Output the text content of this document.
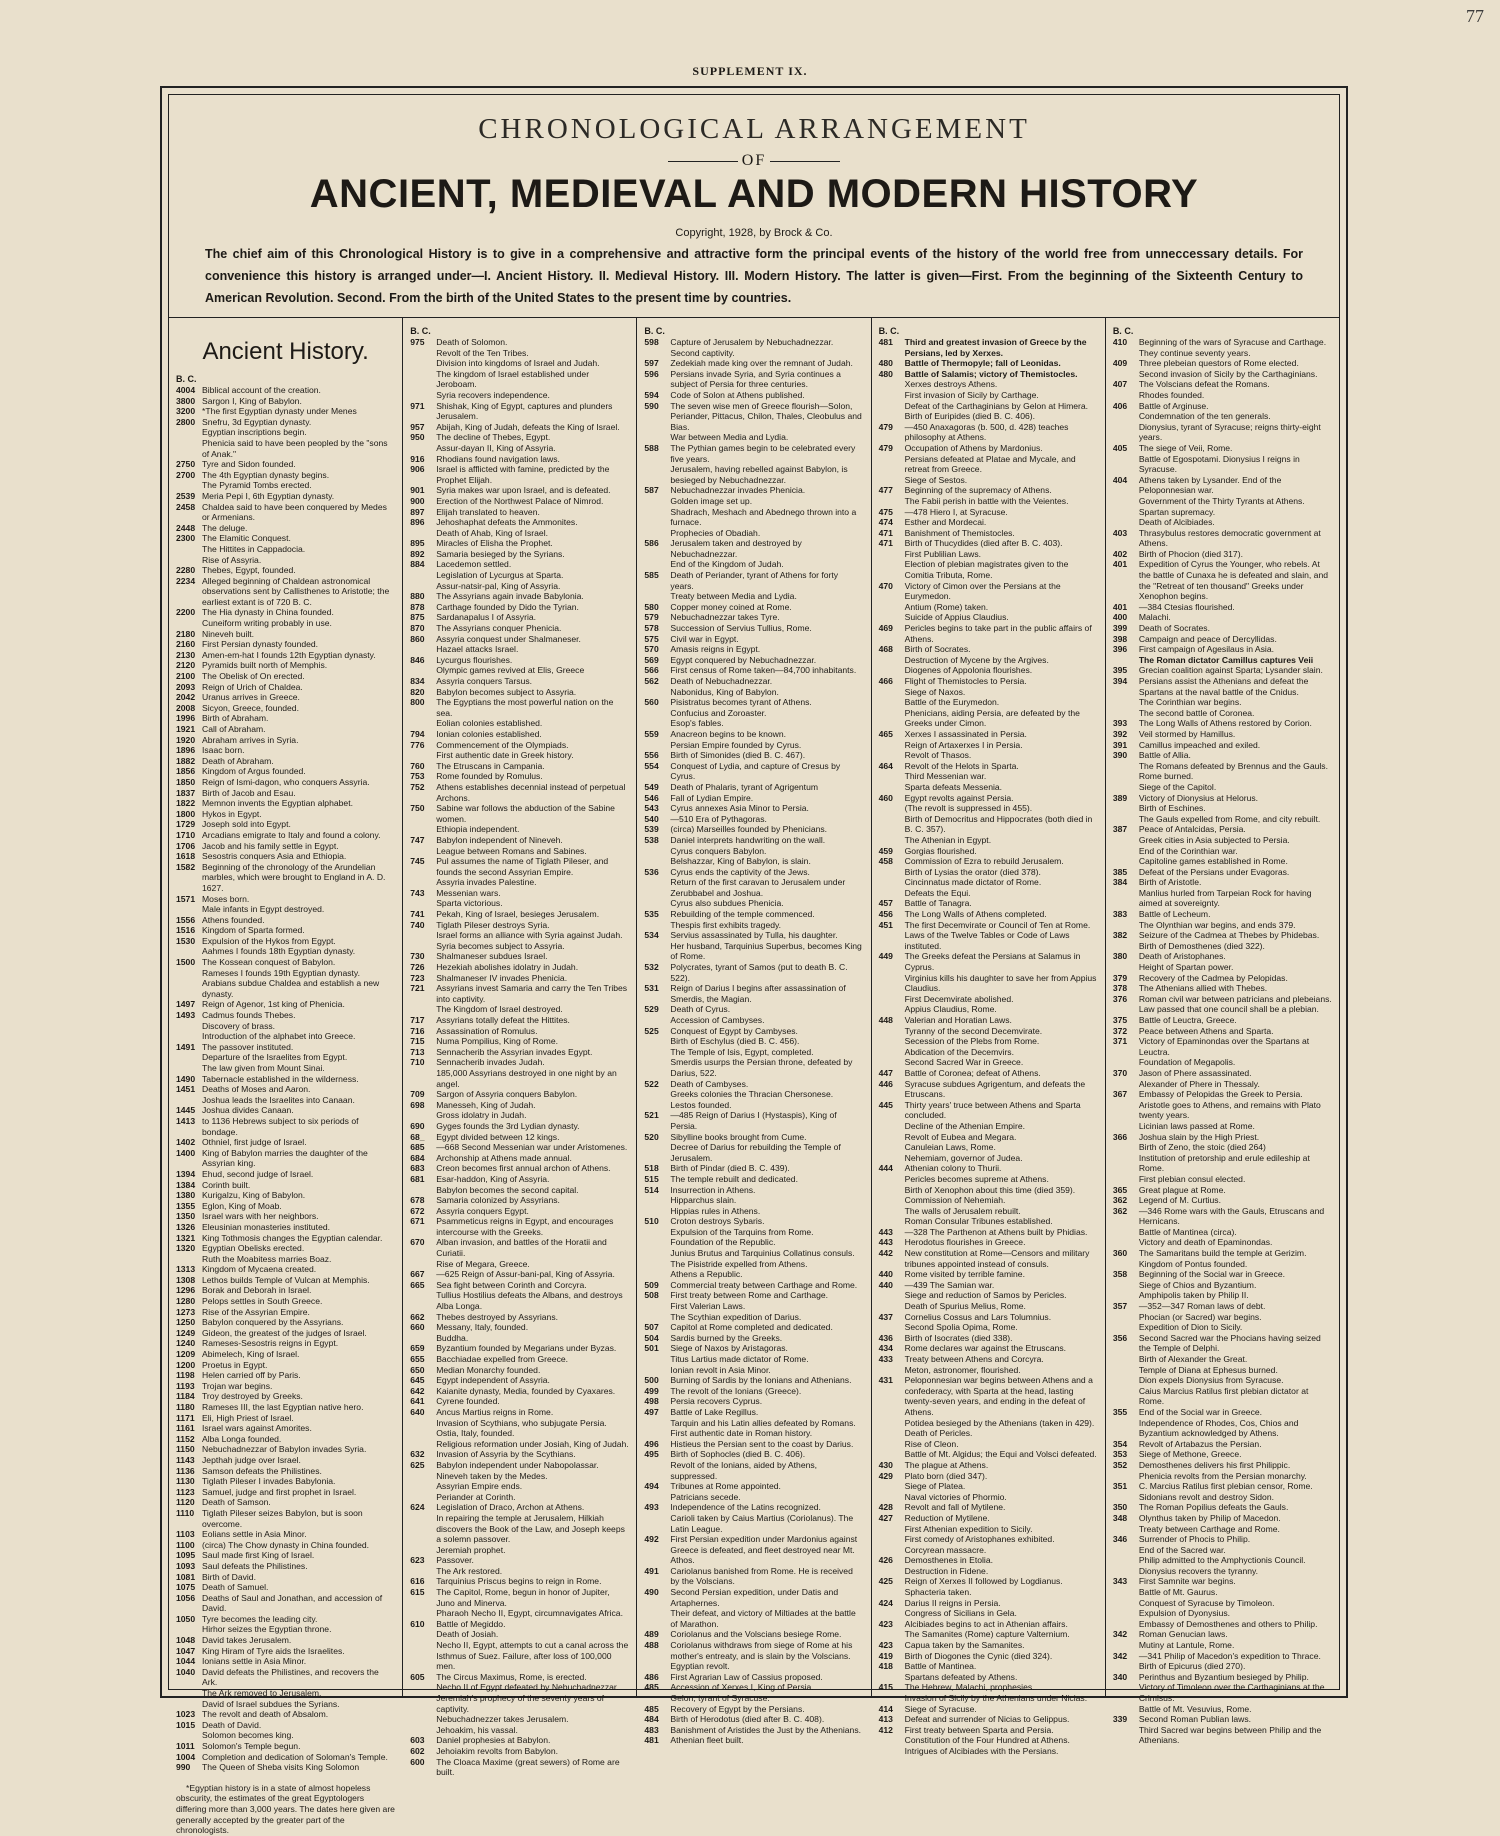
77
SUPPLEMENT IX.
CHRONOLOGICAL ARRANGEMENT
OF
ANCIENT, MEDIEVAL AND MODERN HISTORY
Copyright, 1928, by Brock & Co.
The chief aim of this Chronological History is to give in a comprehensive and attractive form the principal events of the history of the world free from unneccessary details. For convenience this history is arranged under—I. Ancient History. II. Medieval History. III. Modern History. The latter is given—First. From the beginning of the Sixteenth Century to American Revolution. Second. From the birth of the United States to the present time by countries.
Ancient History.
B. C.
4004 Biblical account of the creation.
3800 Sargon I, King of Babylon.
3200 *The first Egyptian dynasty under Menes
2800 Snefru, 3d Egyptian dynasty.
Egyptian inscriptions begin.
Phenicia said to have been peopled by the "sons of Anak."
2750 Tyre and Sidon founded.
2700 The 4th Egyptian dynasty begins.
The Pyramid Tombs erected.
2539 Meria Pepi I, 6th Egyptian dynasty.
2458 Chaldea said to have been conquered by Medes or Armenians.
2448 The deluge.
2300 The Elamitic Conquest.
The Hittites in Cappadocia.
Rise of Assyria.
2280 Thebes, Egypt, founded.
2234 Alleged beginning of Chaldean astronomical observations sent by Callisthenes to Aristotle; the earliest extant is of 720 B. C.
2200 The Hia dynasty in China founded.
Cuneiform writing probably in use.
2180 Nineveh built.
2160 First Persian dynasty founded.
2130 Amen-em-hat I founds 12th Egyptian dynasty.
2120 Pyramids built north of Memphis.
2100 The Obelisk of On erected.
2093 Reign of Urich of Chaldea.
2042 Uranus arrives in Greece.
2008 Sicyon, Greece, founded.
1996 Birth of Abraham.
1921 Call of Abraham.
1920 Abraham arrives in Syria.
1896 Isaac born.
1882 Death of Abraham.
1856 Kingdom of Argus founded.
1850 Reign of Ismi-dagon, who conquers Assyria.
1837 Birth of Jacob and Esau.
1822 Memnon invents the Egyptian alphabet.
1800 Hykos in Egypt.
1729 Joseph sold into Egypt.
1710 Arcadians emigrate to Italy and found a colony.
1706 Jacob and his family settle in Egypt.
1618 Sesostris conquers Asia and Ethiopia.
1582 Beginning of the chronology of the Arundelian marbles, which were brought to England in A. D. 1627.
1571 Moses born.
Male infants in Egypt destroyed.
1556 Athens founded.
1516 Kingdom of Sparta formed.
1530 Expulsion of the Hykos from Egypt.
Aahmes I founds 18th Egyptian dynasty.
1500 The Kossean conquest of Babylon.
Rameses I founds 19th Egyptian dynasty.
Arabians subdue Chaldea and establish a new dynasty.
1497 Reign of Agenor, 1st king of Phenicia.
1493 Cadmus founds Thebes.
Discovery of brass.
Introduction of the alphabet into Greece.
1491 The passover instituted.
Departure of the Israelites from Egypt.
The law given from Mount Sinai.
1490 Tabernacle established in the wilderness.
1451 Deaths of Moses and Aaron.
Joshua leads the Israelites into Canaan.
1445 Joshua divides Canaan.
1413 to 1136 Hebrews subject to six periods of bondage.
1402 Othniel, first judge of Israel.
1400 King of Babylon marries the daughter of the Assyrian king.
1394 Ehud, second judge of Israel.
1384 Corinth built.
1380 Kurigalzu, King of Babylon.
1355 Eglon, King of Moab.
1350 Israel wars with her neighbors.
1326 Eleusinian monasteries instituted.
1321 King Tothmosis changes the Egyptian calendar.
1320 Egyptian Obelisks erected.
Ruth the Moabitess marries Boaz.
1313 Kingdom of Mycaena created.
1308 Lethos builds Temple of Vulcan at Memphis.
1296 Borak and Deborah in Israel.
1280 Pelops settles in South Greece.
1273 Rise of the Assyrian Empire.
1250 Babylon conquered by the Assyrians.
1249 Gideon, the greatest of the judges of Israel.
1240 Rameses-Sesostris reigns in Egypt.
1209 Abimelech, King of Israel.
1200 Proetus in Egypt.
1198 Helen carried off by Paris.
1193 Trojan war begins.
1184 Troy destroyed by Greeks.
1180 Rameses III, the last Egyptian native hero.
1171 Eli, High Priest of Israel.
1161 Israel wars against Amorites.
1152 Alba Longa founded.
1150 Nebuchadnezzar of Babylon invades Syria.
1143 Jepthah judge over Israel.
1136 Samson defeats the Philistines.
1130 Tiglath Pileser I invades Babylonia.
1123 Samuel, judge and first prophet in Israel.
1120 Death of Samson.
1110 Tiglath Pileser seizes Babylon, but is soon overcome.
1103 Eolians settle in Asia Minor.
1100 (circa) The Chow dynasty in China founded.
1095 Saul made first King of Israel.
1093 Saul defeats the Philistines.
1081 Birth of David.
1075 Death of Samuel.
1056 Deaths of Saul and Jonathan, and accession of David.
1050 Tyre becomes the leading city.
Hirhor seizes the Egyptian throne.
1048 David takes Jerusalem.
1047 King Hiram of Tyre aids the Israelites.
1044 Ionians settle in Asia Minor.
1040 David defeats the Philistines, and recovers the Ark.
The Ark removed to Jerusalem.
David of Israel subdues the Syrians.
1023 The revolt and death of Absalom.
1015 Death of David.
Solomon becomes king.
1011 Solomon's Temple begun.
1004 Completion and dedication of Soloman's Temple.
990	The Queen of Sheba visits King Solomon
*Egyptian history is in a state of almost hopeless obscurity, the estimates of the great Egyptologers differing more than 3,000 years. The dates here given are generally accepted by the greater part of the chronologists.
B. C.
975	Death of Solomon.
Revolt of the Ten Tribes.
Division into kingdoms of Israel and Judah.
The kingdom of Israel established under Jeroboam.
Syria recovers independence.
971	Shishak, King of Egypt, captures and plunders Jerusalem.
957	Abijah, King of Judah, defeats the King of Israel.
950	The decline of Thebes, Egypt.
Assur-dayan II, King of Assyria.
916	Rhodians found navigation laws.
906	Israel is afflicted with famine, predicted by the Prophet Elijah.
901	Syria makes war upon Israel, and is defeated.
900	Erection of the Northwest Palace of Nimrod.
897	Elijah translated to heaven.
896	Jehoshaphat defeats the Ammonites.
Death of Ahab, King of Israel.
895	Miracles of Elisha the Prophet.
892	Samaria besieged by the Syrians.
884	Lacedemon settled.
Legislation of Lycurgus at Sparta.
Assur-natsir-pal, King of Assyria.
880	The Assyrians again invade Babylonia.
878	Carthage founded by Dido the Tyrian.
875	Sardanapalus I of Assyria.
870	The Assyrians conquer Phenicia.
860	Assyria conquest under Shalmaneser.
Hazael attacks Israel.
846	Lycurgus flourishes.
Olympic games revived at Elis, Greece
834	Assyria conquers Tarsus.
820	Babylon becomes subject to Assyria.
800	The Egyptians the most powerful nation on the sea.
Eolian colonies established.
794	Ionian colonies established.
776	Commencement of the Olympiads.
First authentic date in Greek history.
760	The Etruscans in Campania.
753	Rome founded by Romulus.
752	Athens establishes decennial instead of perpetual Archons.
750	Sabine war follows the abduction of the Sabine women.
Ethiopia independent.
747	Babylon independent of Nineveh.
League between Romans and Sabines.
745	Pul assumes the name of Tiglath Pileser, and founds the second Assyrian Empire.
Assyria invades Palestine.
743	Messenian wars.
Sparta victorious.
741	Pekah, King of Israel, besieges Jerusalem.
740	Tiglath Pileser destroys Syria.
Israel forms an alliance with Syria against Judah.
Syria becomes subject to Assyria.
730	Shalmaneser subdues Israel.
726	Hezekiah abolishes idolatry in Judah.
723	Shalmaneser IV invades Phenicia.
721	Assyrians invest Samaria and carry the Ten Tribes into captivity.
The Kingdom of Israel destroyed.
717	Assyrians totally defeat the Hittites.
716	Assassination of Romulus.
715	Numa Pompilius, King of Rome.
713	Sennacherib the Assyrian invades Egypt.
710	Sennacherib invades Judah.
185,000 Assyrians destroyed in one night by an angel.
709	Sargon of Assyria conquers Babylon.
698	Manesseh, King of Judah.
Gross idolatry in Judah.
690	Gyges founds the 3rd Lydian dynasty.
68_	Egypt divided between 12 kings.
685	—668 Second Messenian war under Aristomenes.
684	Archonship at Athens made annual.
683	Creon becomes first annual archon of Athens.
681	Esar-haddon, King of Assyria.
Babylon becomes the second capital.
678	Samaria colonized by Assyrians.
672	Assyria conquers Egypt.
671	Psammeticus reigns in Egypt, and encourages intercourse with the Greeks.
670	Alban invasion, and battles of the Horatii and Curiatii.
Rise of Megara, Greece.
667	—625 Reign of Assur-bani-pal, King of Assyria.
665	Sea fight between Corinth and Corcyra.
Tullius Hostilius defeats the Albans, and destroys Alba Longa.
662	Thebes destroyed by Assyrians.
660	Messany, Italy, founded.
Buddha.
659	Byzantium founded by Megarians under Byzas.
655	Bacchiadae expelled from Greece.
650	Median Monarchy founded.
645	Egypt independent of Assyria.
642	Kaianite dynasty, Media, founded by Cyaxares.
641	Cyrene founded.
640	Ancus Martius reigns in Rome.
Invasion of Scythians, who subjugate Persia.
Ostia, Italy, founded.
Religious reformation under Josiah, King of Judah.
632	Invasion of Assyria by the Scythians.
625	Babylon independent under Nabopolassar.
Nineveh taken by the Medes.
Assyrian Empire ends.
Periander at Corinth.
624	Legislation of Draco, Archon at Athens.
In repairing the temple at Jerusalem, Hilkiah discovers the Book of the Law, and Joseph keeps a solemn passover.
Jeremiah prophet.
623	Passover.
The Ark restored.
616	Tarquinius Priscus begins to reign in Rome.
615	The Capitol, Rome, begun in honor of Jupiter, Juno and Minerva.
Pharaoh Necho II, Egypt, circumnavigates Africa.
610	Battle of Megiddo.
Death of Josiah.
Necho II, Egypt, attempts to cut a canal across the Isthmus of Suez. Failure, after loss of 100,000 men.
605	The Circus Maximus, Rome, is erected.
Necho II of Egypt defeated by Nebuchadnezzar.
Jeremiah's prophecy of the seventy years of captivity.
Nebuchadnezzer takes Jerusalem.
Jehoakim, his vassal.
603	Daniel prophesies at Babylon.
602	Jehoiakim revolts from Babylon.
600	The Cloaca Maxime (great sewers) of Rome are built.
B. C.
598	Capture of Jerusalem by Nebuchadnezzar.
Second captivity.
597	Zedekiah made king over the remnant of Judah.
596	Persians invade Syria, and Syria continues a subject of Persia for three centuries.
594	Code of Solon at Athens published.
590	The seven wise men of Greece flourish—Solon, Periander, Pittacus, Chilon, Thales, Cleobulus and Bias.
War between Media and Lydia.
588	The Pythian games begin to be celebrated every five years.
Jerusalem, having rebelled against Babylon, is besieged by Nebuchadnezzar.
587	Nebuchadnezzar invades Phenicia.
Golden image set up.
Shadrach, Meshach and Abednego thrown into a furnace.
Prophecies of Obadiah.
586	Jerusalem taken and destroyed by Nebuchadnezzar.
End of the Kingdom of Judah.
585	Death of Periander, tyrant of Athens for forty years.
Treaty between Media and Lydia.
580	Copper money coined at Rome.
579	Nebuchadnezzar takes Tyre.
578	Succession of Servius Tullius, Rome.
575	Civil war in Egypt.
570	Amasis reigns in Egypt.
569	Egypt conquered by Nebuchadnezzar.
566	First census of Rome taken—84,700 inhabitants.
562	Death of Nebuchadnezzar.
Nabonidus, King of Babylon.
560	Pisistratus becomes tyrant of Athens.
Confucius and Zoroaster.
Esop's fables.
559	Anacreon begins to be known.
Persian Empire founded by Cyrus.
556	Birth of Simonides (died B. C. 467).
554	Conquest of Lydia, and capture of Cresus by Cyrus.
549	Death of Phalaris, tyrant of Agrigentum
546	Fall of Lydian Empire.
543	Cyrus annexes Asia Minor to Persia.
540	—510 Era of Pythagoras.
539	(circa) Marseilles founded by Phenicians.
538	Daniel interprets handwriting on the wall.
Cyrus conquers Babylon.
Belshazzar, King of Babylon, is slain.
536	Cyrus ends the captivity of the Jews.
Return of the first caravan to Jerusalem under Zerubbabel and Joshua.
Cyrus also subdues Phenicia.
535	Rebuilding of the temple commenced.
Thespis first exhibits tragedy.
534	Servius assassinated by Tulla, his daughter.
Her husband, Tarquinius Superbus, becomes King of Rome.
532	Polycrates, tyrant of Samos (put to death B. C. 522).
531	Reign of Darius I begins after assassination of Smerdis, the Magian.
529	Death of Cyrus.
Accession of Cambyses.
525	Conquest of Egypt by Cambyses.
Birth of Eschylus (died B. C. 456).
The Temple of Isis, Egypt, completed.
Smerdis usurps the Persian throne, defeated by Darius, 522.
522	Death of Cambyses.
Greeks colonies the Thracian Chersonese.
Lestos founded.
521	—485 Reign of Darius I (Hystaspis), King of Persia.
520	Sibylline books brought from Cume.
Decree of Darius for rebuilding the Temple of Jerusalem.
518	Birth of Pindar (died B. C. 439).
515	The temple rebuilt and dedicated.
514	Insurrection in Athens.
Hipparchus slain.
Hippias rules in Athens.
510	Croton destroys Sybaris.
Expulsion of the Tarquins from Rome.
Foundation of the Republic.
Junius Brutus and Tarquinius Collatinus consuls.
The Pisistride expelled from Athens.
Athens a Republic.
509	Commercial treaty between Carthage and Rome.
508	First treaty between Rome and Carthage.
First Valerian Laws.
The Scythian expedition of Darius.
507	Capitol at Rome completed and dedicated.
504	Sardis burned by the Greeks.
501	Siege of Naxos by Aristagoras.
Titus Lartius made dictator of Rome.
Ionian revolt in Asia Minor.
500	Burning of Sardis by the Ionians and Athenians.
499	The revolt of the Ionians (Greece).
498	Persia recovers Cyprus.
497	Battle of Lake Regillus.
Tarquin and his Latin allies defeated by Romans.
First authentic date in Roman history.
496	Histieus the Persian sent to the coast by Darius.
495	Birth of Sophocles (died B. C. 406).
Revolt of the Ionians, aided by Athens, suppressed.
494	Tribunes at Rome appointed.
Patricians secede.
493	Independence of the Latins recognized.
Carioli taken by Caius Martius (Coriolanus). The Latin League.
492	First Persian expedition under Mardonius against Greece is defeated, and fleet destroyed near Mt. Athos.
491	Cariolanus banished from Rome. He is received by the Volscians.
490	Second Persian expedition, under Datis and Artaphernes.
Their defeat, and victory of Miltiades at the battle of Marathon.
489	Coriolanus and the Volscians besiege Rome.
488	Coriolanus withdraws from siege of Rome at his mother's entreaty, and is slain by the Volscians.
Egyptian revolt.
486	First Agrarian Law of Cassius proposed.
485	Accession of Xerxes I, King of Persia.
Gelon, tyrant of Syracuse.
485	Recovery of Egypt by the Persians.
484	Birth of Herodotus (died after B. C. 408).
483	Banishment of Aristides the Just by the Athenians.
481	Athenian fleet built.
B. C.
481	Third and greatest invasion of Greece by the Persians, led by Xerxes.
480	Battle of Thermopyle; fall of Leonidas.
480	Battle of Salamis; victory of Themistocles.
Xerxes destroys Athens.
First invasion of Sicily by Carthage.
Defeat of the Carthaginians by Gelon at Himera.
Birth of Euripides (died B. C. 406).
479	—450 Anaxagoras (b. 500, d. 428) teaches philosophy at Athens.
479	Occupation of Athens by Mardonius.
Persians defeated at Platae and Mycale, and retreat from Greece.
Siege of Sestos.
477	Beginning of the supremacy of Athens.
The Fabii perish in battle with the Veientes.
475	—478 Hiero I, at Syracuse.
474	Esther and Mordecai.
471	Banishment of Themistocles.
471	Birth of Thucydides (died after B. C. 403).
First Publilian Laws.
Election of plebian magistrates given to the Comitia Tributa, Rome.
470	Victory of Cimon over the Persians at the Eurymedon.
Antium (Rome) taken.
Suicide of Appius Claudius.
469	Pericles begins to take part in the public affairs of Athens.
468	Birth of Socrates.
Destruction of Mycene by the Argives.
Diogenes of Appolonia flourishes.
466	Flight of Themistocles to Persia.
Siege of Naxos.
Battle of the Eurymedon.
Phenicians, aiding Persia, are defeated by the Greeks under Cimon.
465	Xerxes I assassinated in Persia.
Reign of Artaxerxes I in Persia.
Revolt of Thasos.
464	Revolt of the Helots in Sparta.
Third Messenian war.
Sparta defeats Messenia.
460	Egypt revolts against Persia.
(The revolt is suppressed in 455).
Birth of Democritus and Hippocrates (both died in B. C. 357).
The Athenian in Egypt.
459	Gorgias flourished.
458	Commission of Ezra to rebuild Jerusalem.
Birth of Lysias the orator (died 378).
Cincinnatus made dictator of Rome.
Defeats the Equi.
457	Battle of Tanagra.
456	The Long Walls of Athens completed.
451	The first Decemvirate or Council of Ten at Rome.
Laws of the Twelve Tables or Code of Laws instituted.
449	The Greeks defeat the Persians at Salamus in Cyprus.
Virginius kills his daughter to save her from Appius Claudius.
First Decemvirate abolished.
Appius Claudius, Rome.
448	Valerian and Horatian Laws.
Tyranny of the second Decemvirate.
Secession of the Plebs from Rome.
Abdication of the Decemvirs.
Second Sacred War in Greece.
447	Battle of Coronea; defeat of Athens.
446	Syracuse subdues Agrigentum, and defeats the Etruscans.
445	Thirty years' truce between Athens and Sparta concluded.
Decline of the Athenian Empire.
Revolt of Eubea and Megara.
Canuleian Laws, Rome.
Nehemiam, governor of Judea.
444	Athenian colony to Thurii.
Pericles becomes supreme at Athens.
Birth of Xenophon about this time (died 359).
Commission of Nehemiah.
The walls of Jerusalem rebuilt.
Roman Consular Tribunes established.
443	—328 The Parthenon at Athens built by Phidias.
443	Herodotus flourishes in Greece.
442	New constitution at Rome—Censors and military tribunes appointed instead of consuls.
440	Rome visited by terrible famine.
440	—439 The Samian war.
Siege and reduction of Samos by Pericles.
Death of Spurius Melius, Rome.
437	Cornelius Cossus and Lars Tolumnius.
Second Spolia Opima, Rome.
436	Birth of Isocrates (died 338).
434	Rome declares war against the Etruscans.
433	Treaty between Athens and Corcyra.
Meton, astronomer, flourished.
431	Peloponnesian war begins between Athens and a confederacy, with Sparta at the head, lasting twenty-seven years, and ending in the defeat of Athens.
Potidea besieged by the Athenians (taken in 429).
Death of Pericles.
Rise of Cleon.
Battle of Mt. Algidus; the Equi and Volsci defeated.
430	The plague at Athens.
429	Plato born (died 347).
Siege of Platea.
Naval victories of Phormio.
428	Revolt and fall of Mytilene.
427	Reduction of Mytilene.
First Athenian expedition to Sicily.
First comedy of Aristophanes exhibited.
Corcyrean massacre.
426	Demosthenes in Etolia.
Destruction in Fidene.
425	Reign of Xerxes II followed by Logdianus.
Sphacteria taken.
424	Darius II reigns in Persia.
Congress of Sicilians in Gela.
423	Alcibiades begins to act in Athenian affairs.
The Samanites (Rome) capture Valternium.
423	Capua taken by the Samanites.
419	Birth of Diogones the Cynic (died 324).
418	Battle of Mantinea.
Spartans defeated by Athens.
415	The Hebrew, Malachi, prophesies.
Invasion of Sicily by the Athenians under Nicias.
414	Siege of Syracuse.
413	Defeat and surrender of Nicias to Gelippus.
412	First treaty between Sparta and Persia.
Constitution of the Four Hundred at Athens.
Intrigues of Alcibiades with the Persians.
B. C.
410	Beginning of the wars of Syracuse and Carthage. They continue seventy years.
409	Three plebeian questors of Rome elected.
Second invasion of Sicily by the Carthaginians.
407	The Volscians defeat the Romans.
Rhodes founded.
406	Battle of Arginuse.
Condemnation of the ten generals.
Dionysius, tyrant of Syracuse; reigns thirty-eight years.
405	The siege of Veii, Rome.
Battle of Egospotami. Dionysius I reigns in Syracuse.
404	Athens taken by Lysander. End of the Peloponnesian war.
Government of the Thirty Tyrants at Athens.
Spartan supremacy.
Death of Alcibiades.
403	Thrasybulus restores democratic government at Athens.
402	Birth of Phocion (died 317).
401	Expedition of Cyrus the Younger, who rebels. At the battle of Cunaxa he is defeated and slain, and the "Retreat of ten thousand" Greeks under Xenophon begins.
401	—384 Ctesias flourished.
400	Malachi.
399	Death of Socrates.
398	Campaign and peace of Dercyllidas.
396	First campaign of Agesilaus in Asia.
The Roman dictator Camillus captures Veii
395	Grecian coalition against Sparta; Lysander slain.
394	Persians assist the Athenians and defeat the Spartans at the naval battle of the Cnidus.
The Corinthian war begins.
The second battle of Coronea.
393	The Long Walls of Athens restored by Corion.
392	Veil stormed by Hamillus.
391	Camillus impeached and exiled.
390	Battle of Allia.
The Romans defeated by Brennus and the Gauls. Rome burned.
Siege of the Capitol.
389	Victory of Dionysius at Helorus.
Birth of Eschines.
The Gauls expelled from Rome, and city rebuilt.
387	Peace of Antalcidas, Persia.
Greek cities in Asia subjected to Persia.
End of the Corinthian war.
Capitoline games established in Rome.
385	Defeat of the Persians under Evagoras.
384	Birth of Aristotle.
Manlius hurled from Tarpeian Rock for having aimed at sovereignty.
383	Battle of Lecheum.
The Olynthian war begins, and ends 379.
382	Seizure of the Cadmea at Thebes by Phidebas.
Birth of Demosthenes (died 322).
380	Death of Aristophanes.
Height of Spartan power.
379	Recovery of the Cadmea by Pelopidas.
378	The Athenians allied with Thebes.
376	Roman civil war between patricians and plebeians.
Law passed that one council shall be a plebian.
375	Battle of Leuctra, Greece.
372	Peace between Athens and Sparta.
371	Victory of Epaminondas over the Spartans at Leuctra.
Foundation of Megapolis.
370	Jason of Phere assassinated.
Alexander of Phere in Thessaly.
367	Embassy of Pelopidas the Greek to Persia.
Aristotle goes to Athens, and remains with Plato twenty years.
Licinian laws passed at Rome.
366	Joshua slain by the High Priest.
Birth of Zeno, the stoic (died 264)
Institution of pretorship and erule edileship at Rome.
First plebian consul elected.
365	Great plague at Rome.
362	Legend of M. Curtius.
362	—346 Rome wars with the Gauls, Etruscans and Hernicans.
Battle of Mantinea (circa).
Victory and death of Epaminondas.
360	The Samaritans build the temple at Gerizim.
Kingdom of Pontus founded.
358	Beginning of the Social war in Greece.
Siege of Chios and Byzantium.
Amphipolis taken by Philip II.
357	—352—347 Roman laws of debt.
Phocian (or Sacred) war begins.
Expedition of Dion to Sicily.
356	Second Sacred war the Phocians having seized the Temple of Delphi.
Birth of Alexander the Great.
Temple of Diana at Ephesus burned.
Dion expels Dionysius from Syracuse.
Caius Marcius Ratilus first plebian dictator at Rome.
355	End of the Social war in Greece.
Independence of Rhodes, Cos, Chios and Byzantium acknowledged by Athens.
354	Revolt of Artabazus the Persian.
353	Siege of Methone, Greece.
352	Demosthenes delivers his first Philippic.
Phenicia revolts from the Persian monarchy.
351	C. Marcius Ratilus first plebian censor, Rome.
Sidonians revolt and destroy Sidon.
350	The Roman Popilius defeats the Gauls.
348	Olynthus taken by Philip of Macedon.
Treaty between Carthage and Rome.
346	Surrender of Phocis to Philip.
End of the Sacred war.
Philip admitted to the Amphyctionis Council.
Dionysius recovers the tyranny.
343	First Samnite war begins.
Battle of Mt. Gaurus.
Conquest of Syracuse by Timoleon.
Expulsion of Dyonysius.
Embassy of Demosthenes and others to Philip.
342	Roman Genucian laws.
Mutiny at Lantule, Rome.
342	—341 Philip of Macedon's expedition to Thrace.
Birth of Epicurus (died 270).
340	Perinthus and Byzantium besieged by Philip.
Victory of Timoleon over the Carthaginians at the Crimisus.
Battle of Mt. Vesuvius, Rome.
339	Second Roman Publian laws.
Third Sacred war begins between Philip and the Athenians.
